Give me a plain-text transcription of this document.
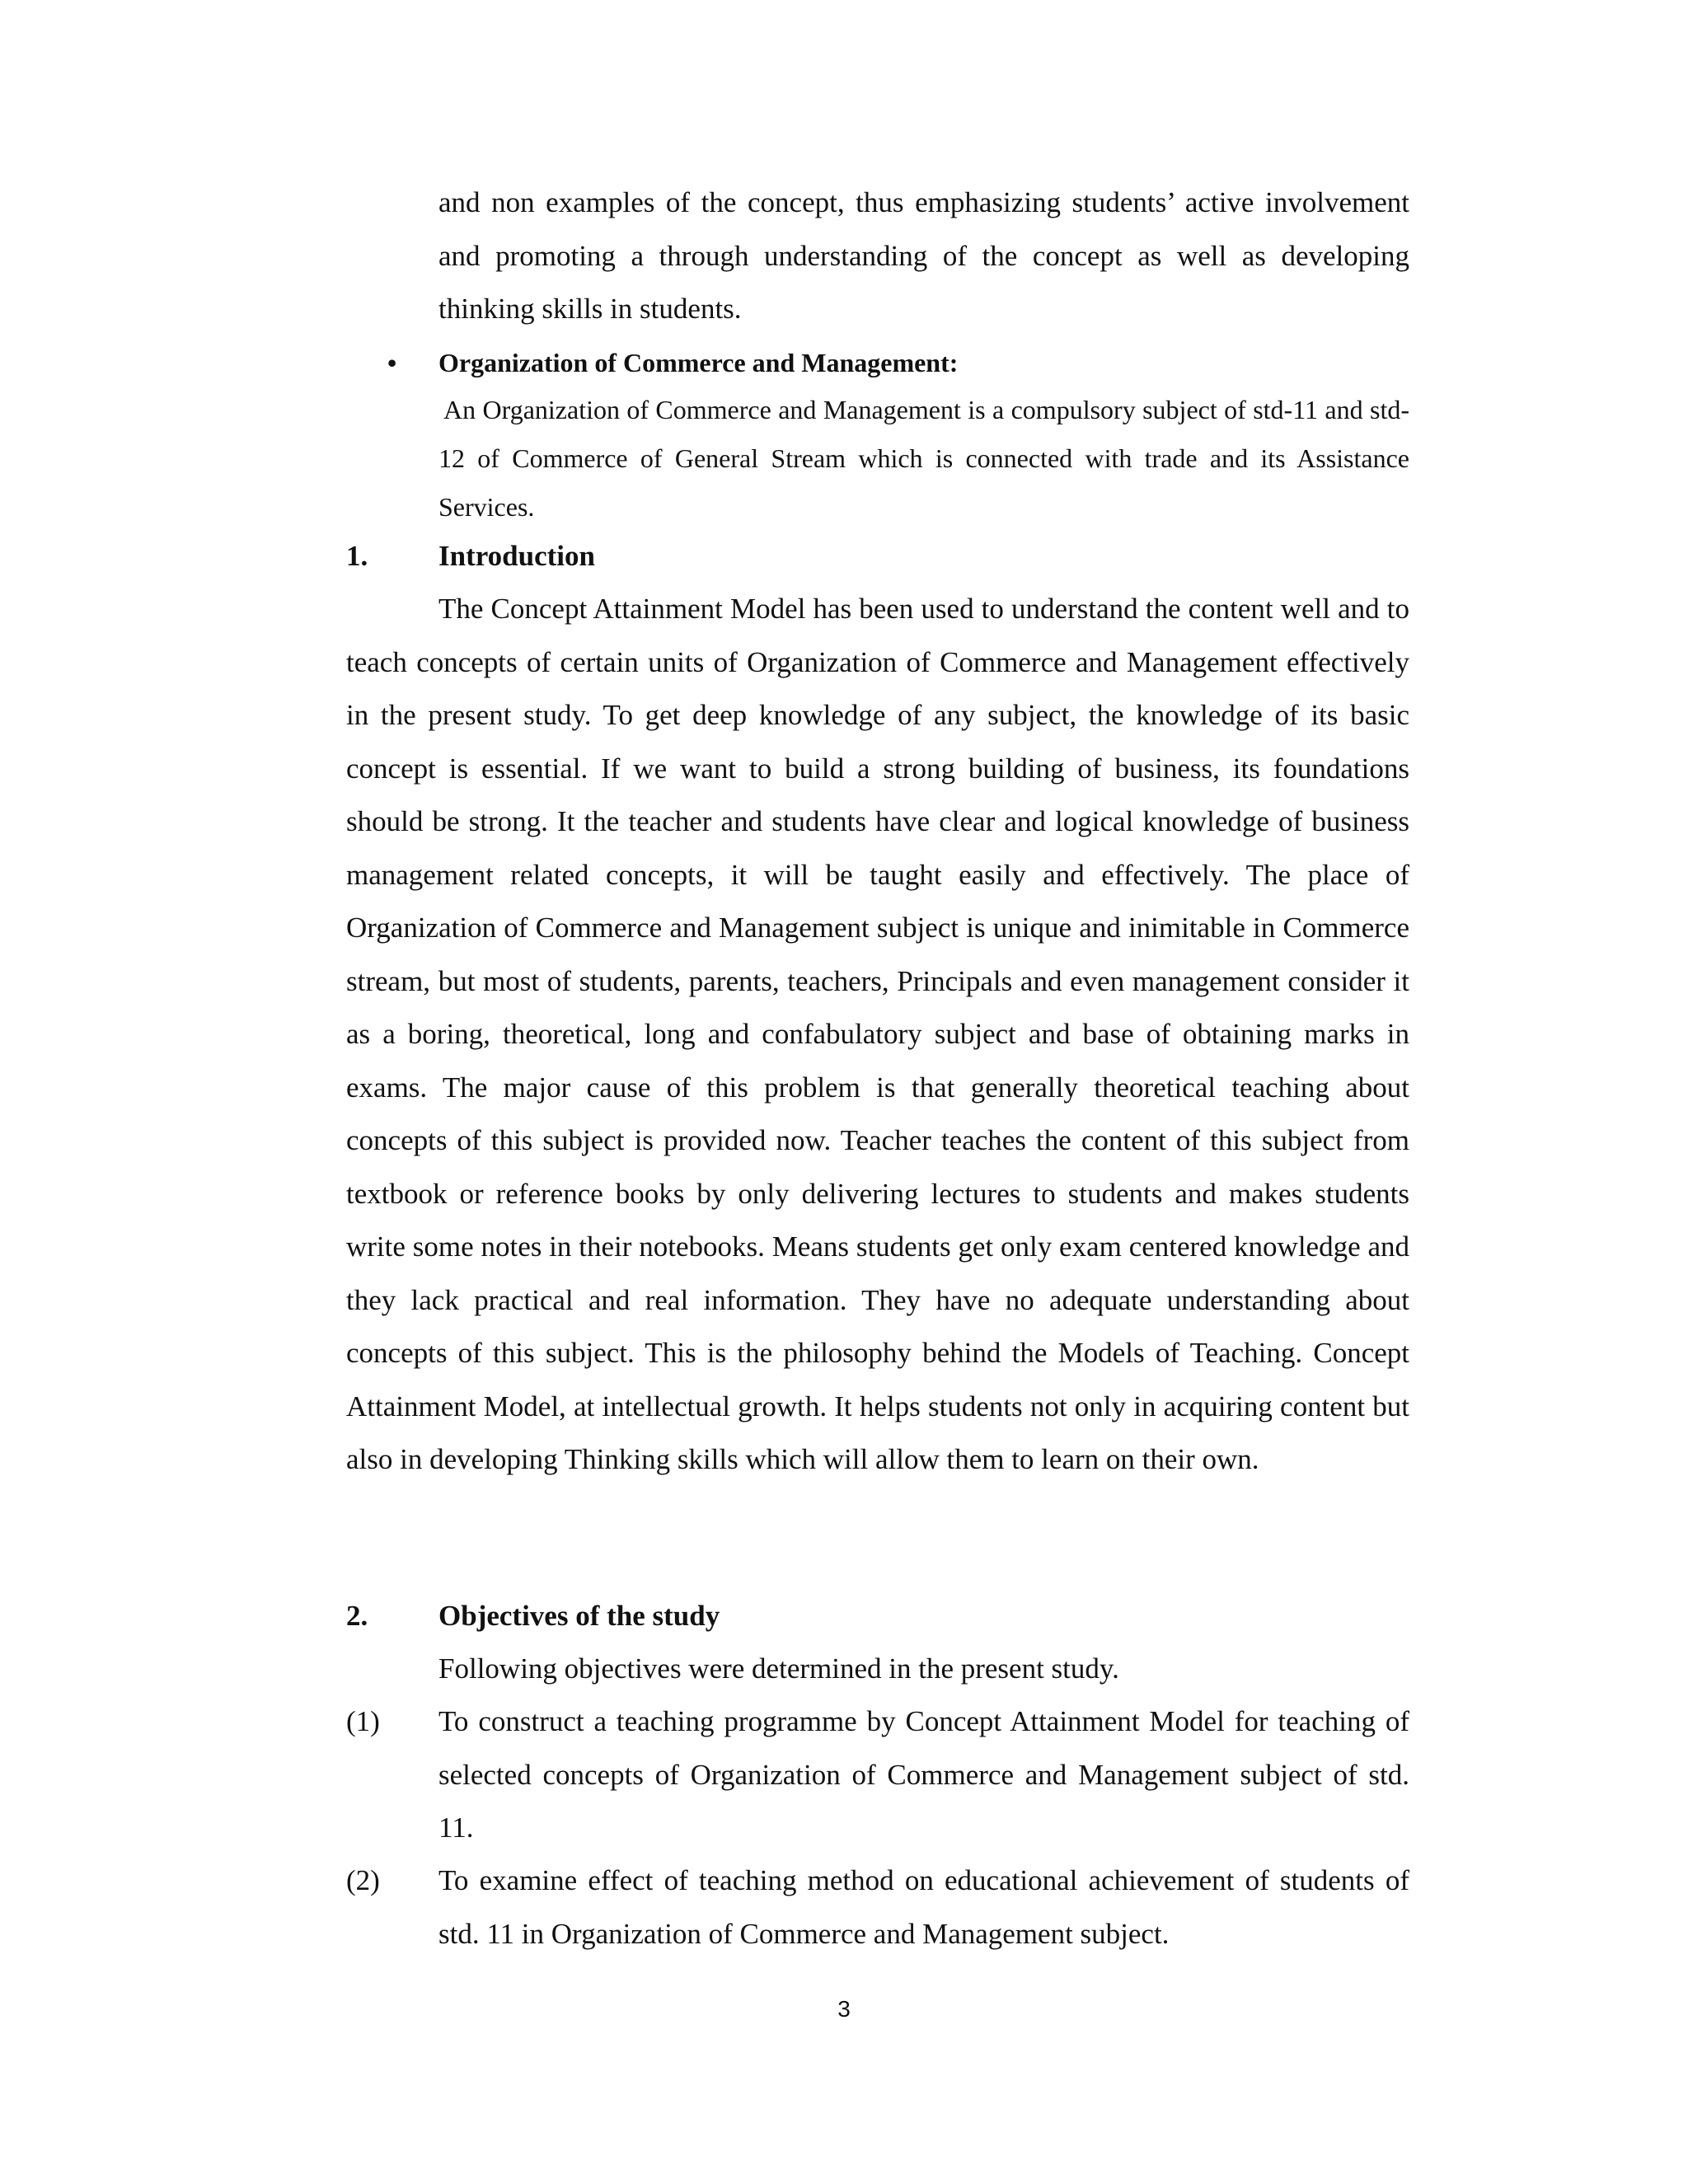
and non examples of the concept, thus emphasizing students’ active involvement and promoting a through understanding of the concept as well as developing thinking skills in students.
• Organization of Commerce and Management:
An Organization of Commerce and Management is a compulsory subject of std-11 and std-12 of Commerce of General Stream which is connected with trade and its Assistance Services.
1. Introduction
The Concept Attainment Model has been used to understand the content well and to teach concepts of certain units of Organization of Commerce and Management effectively in the present study. To get deep knowledge of any subject, the knowledge of its basic concept is essential. If we want to build a strong building of business, its foundations should be strong. It the teacher and students have clear and logical knowledge of business management related concepts, it will be taught easily and effectively. The place of Organization of Commerce and Management subject is unique and inimitable in Commerce stream, but most of students, parents, teachers, Principals and even management consider it as a boring, theoretical, long and confabulatory subject and base of obtaining marks in exams. The major cause of this problem is that generally theoretical teaching about concepts of this subject is provided now. Teacher teaches the content of this subject from textbook or reference books by only delivering lectures to students and makes students write some notes in their notebooks. Means students get only exam centered knowledge and they lack practical and real information. They have no adequate understanding about concepts of this subject. This is the philosophy behind the Models of Teaching. Concept Attainment Model, at intellectual growth. It helps students not only in acquiring content but also in developing Thinking skills which will allow them to learn on their own.
2. Objectives of the study
Following objectives were determined in the present study.
(1) To construct a teaching programme by Concept Attainment Model for teaching of selected concepts of Organization of Commerce and Management subject of std. 11.
(2) To examine effect of teaching method on educational achievement of students of std. 11 in Organization of Commerce and Management subject.
3
